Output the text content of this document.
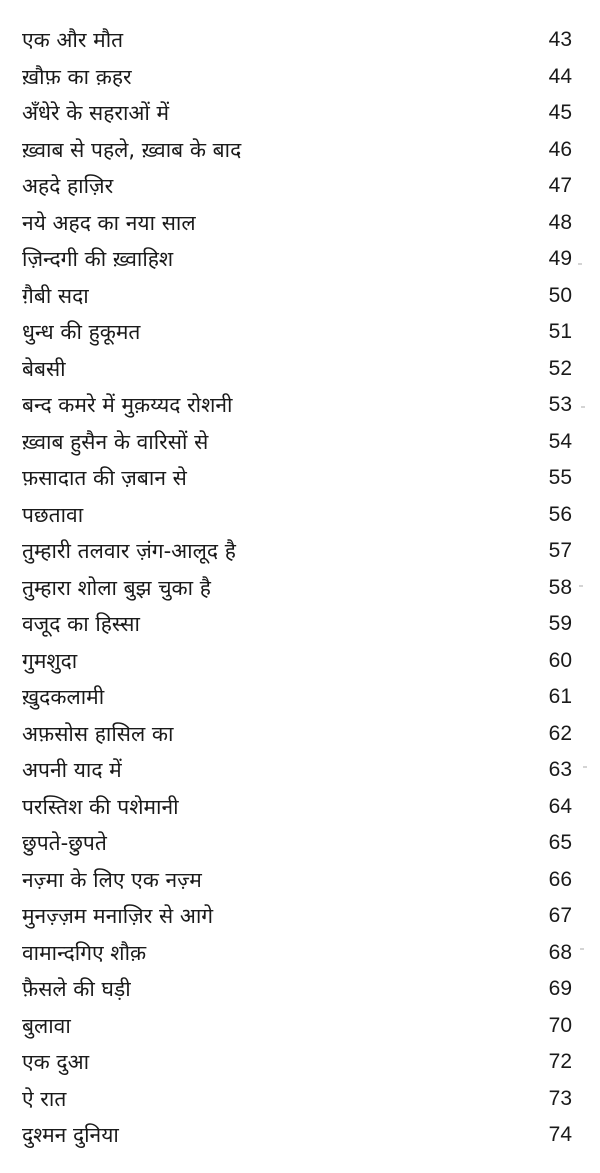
एक और मौत	43
ख़ौफ़ का क़हर	44
अँधेरे के सहराओं में	45
ख़्वाब से पहले, ख़्वाब के बाद	46
अहदे हाज़िर	47
नये अहद का नया साल	48
ज़िन्दगी की ख़्वाहिश	49
ग़ैबी सदा	50
धुन्ध की हुकूमत	51
बेबसी	52
बन्द कमरे में मुक़य्यद रोशनी	53
ख़्वाब हुसैन के वारिसों से	54
फ़सादात की ज़बान से	55
पछतावा	56
तुम्हारी तलवार ज़ंग-आलूद है	57
तुम्हारा शोला बुझ चुका है	58
वजूद का हिस्सा	59
गुमशुदा	60
ख़ुदकलामी	61
अफ़सोस हासिल का	62
अपनी याद में	63
परस्तिश की पशेमानी	64
छुपते-छुपते	65
नज़्मा के लिए एक नज़्म	66
मुनज़्ज़म मनाज़िर से आगे	67
वामान्दगिए शौक़	68
फ़ैसले की घड़ी	69
बुलावा	70
एक दुआ	72
ऐ रात	73
दुश्मन दुनिया	74
